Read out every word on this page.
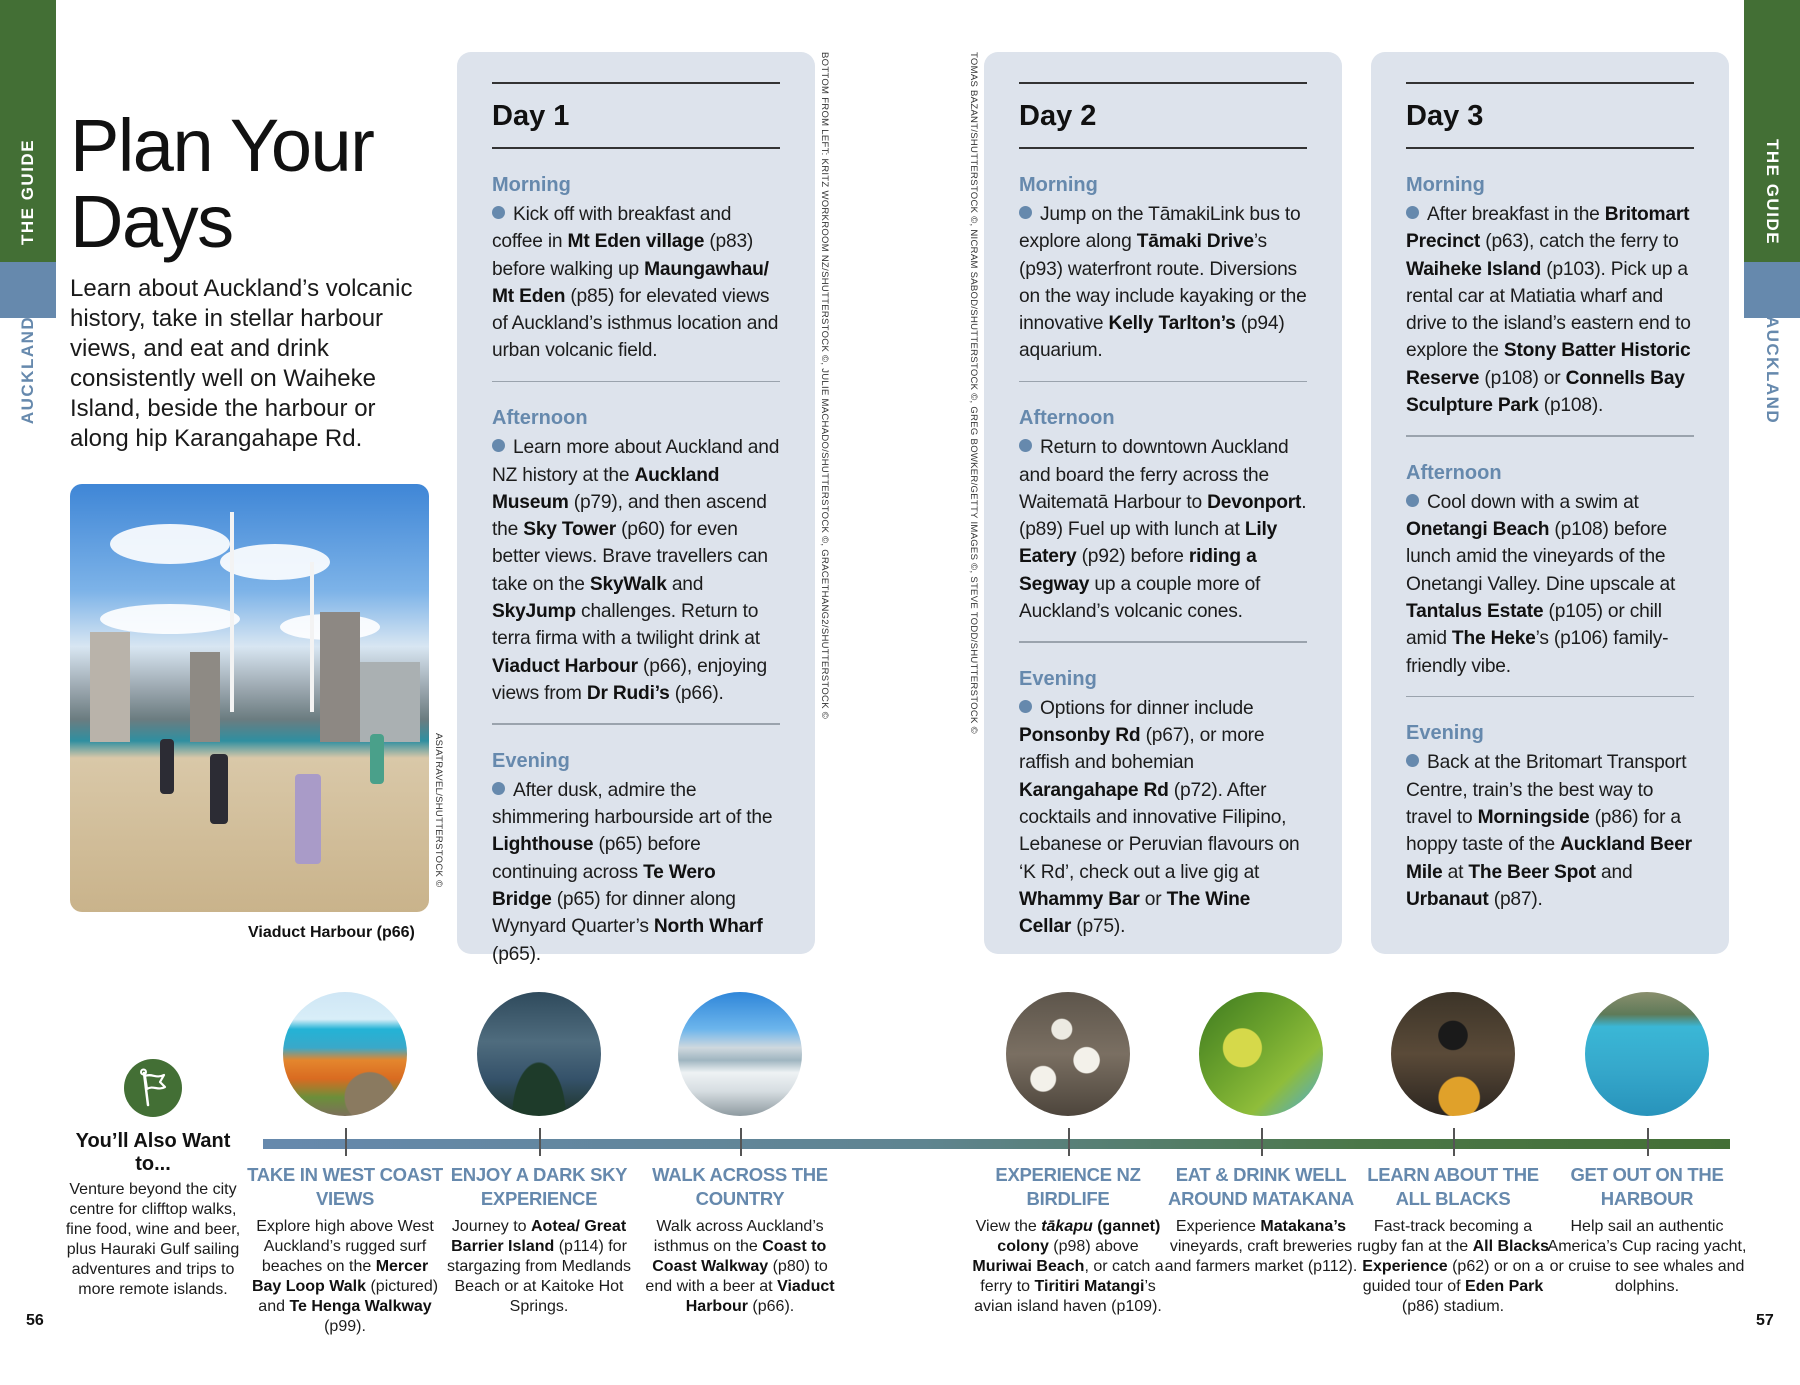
THE GUIDE
AUCKLAND
THE GUIDE
AUCKLAND
Plan Your
Days

Learn about Auckland’s volcanic history, take in stellar harbour views, and eat and drink consistently well on Waiheke Island, beside the harbour or along hip Karangahape Rd.

ASIATRAVEL/SHUTTERSTOCK ©
Viaduct Harbour (p66)
BOTTOM FROM LEFT: KRITZ WORKROOM NZ/SHUTTERSTOCK ©, JULIE MACHADO/SHUTTERSTOCK ©, GRACETHANG2/SHUTTERSTOCK ©	TOMAS BAZANT/SHUTTERSTOCK ©, NICRAM SABOD/SHUTTERSTOCK ©, GREG BOWKER/GETTY IMAGES ©, STEVE TODD/SHUTTERSTOCK ©
Day 1
Morning

Kick off with breakfast and coffee in Mt Eden village (p83) before walking up Maungawhau/ Mt Eden (p85) for elevated views of Auckland’s isthmus location and urban volcanic field.

Afternoon

Learn more about Auckland and NZ history at the Auckland Museum (p79), and then ascend the Sky Tower (p60) for even better views. Brave travellers can take on the SkyWalk and SkyJump challenges. Return to terra firma with a twilight drink at Viaduct Harbour (p66), enjoying views from Dr Rudi’s (p66).

Evening

After dusk, admire the shimmering harbourside art of the Lighthouse (p65) before continuing across Te Wero Bridge (p65) for dinner along Wynyard Quarter’s North Wharf (p65).

Day 2
Morning

Jump on the TāmakiLink bus to explore along Tāmaki Drive’s (p93) waterfront route. Diversions on the way include kayaking or the innovative Kelly Tarlton’s (p94) aquarium.

Afternoon

Return to downtown Auckland and board the ferry across the Waitematā Harbour to Devonport. (p89) Fuel up with lunch at Lily Eatery (p92) before riding a Segway up a couple more of Auckland’s volcanic cones.

Evening

Options for dinner include Ponsonby Rd (p67), or more raffish and bohemian Karangahape Rd (p72). After cocktails and innovative Filipino, Lebanese or Peruvian flavours on ‘K Rd’, check out a live gig at Whammy Bar or The Wine Cellar (p75).

Day 3
Morning

After breakfast in the Britomart Precinct (p63), catch the ferry to Waiheke Island (p103). Pick up a rental car at Matiatia wharf and drive to the island’s eastern end to explore the Stony Batter Historic Reserve (p108) or Connells Bay Sculpture Park (p108).

Afternoon

Cool down with a swim at Onetangi Beach (p108) before lunch amid the vineyards of the Onetangi Valley. Dine upscale at Tantalus Estate (p105) or chill amid The Heke’s (p106) family-friendly vibe.

Evening

Back at the Britomart Transport Centre, train’s the best way to travel to Morningside (p86) for a hoppy taste of the Auckland Beer Mile at The Beer Spot and Urbanaut (p87).

You’ll Also Want to...
Venture beyond the city centre for clifftop walks, fine food, wine and beer, plus Hauraki Gulf sailing adventures and trips to more remote islands.
56	57
TAKE IN WEST COAST VIEWS

Explore high above West Auckland’s rugged surf beaches on the Mercer Bay Loop Walk (pictured) and Te Henga Walkway (p99).

ENJOY A DARK SKY EXPERIENCE

Journey to Aotea/ Great Barrier Island (p114) for stargazing from Medlands Beach or at Kaitoke Hot Springs.

WALK ACROSS THE COUNTRY

Walk across Auckland’s isthmus on the Coast to Coast Walkway (p80) to end with a beer at Viaduct Harbour (p66).

EXPERIENCE NZ BIRDLIFE

View the tākapu (gannet) colony (p98) above Muriwai Beach, or catch a ferry to Tiritiri Matangi’s avian island haven (p109).

EAT & DRINK WELL AROUND MATAKANA

Experience Matakana’s vineyards, craft breweries and farmers market (p112).

LEARN ABOUT THE ALL BLACKS

Fast-track becoming a rugby fan at the All Blacks Experience (p62) or on a guided tour of Eden Park (p86) stadium.

GET OUT ON THE HARBOUR

Help sail an authentic America’s Cup racing yacht, or cruise to see whales and dolphins.
